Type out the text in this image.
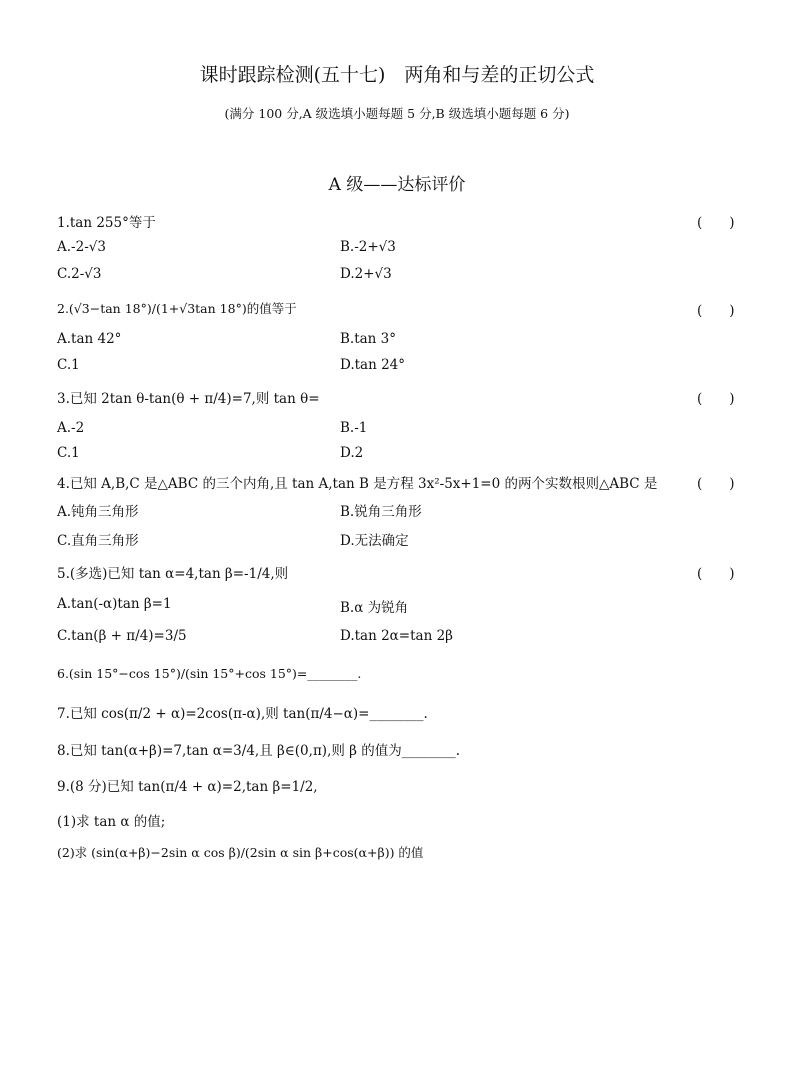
课时跟踪检测(五十七)　两角和与差的正切公式
(满分 100 分,A 级选填小题每题 5 分,B 级选填小题每题 6 分)
A 级——达标评价
1.tan 255°等于	(　　)
A.-2-√3	B.-2+√3
C.2-√3	D.2+√3
2.(√3−tan 18°)/(1+√3tan 18°)的值等于	(　　)
A.tan 42°	B.tan 3°
C.1	D.tan 24°
3.已知 2tan θ-tan(θ + π/4)=7,则 tan θ=	(　　)
A.-2	B.-1
C.1	D.2
4.已知 A,B,C 是△ABC 的三个内角,且 tan A,tan B 是方程 3x²-5x+1=0 的两个实数根则△ABC 是	(　　)
A.钝角三角形	B.锐角三角形
C.直角三角形	D.无法确定
5.(多选)已知 tan α=4,tan β=-1/4,则	(　　)
A.tan(-α)tan β=1	B.α 为锐角
C.tan(β + π/4)=3/5	D.tan 2α=tan 2β
6.(sin 15°−cos 15°)/(sin 15°+cos 15°)=________.
7.已知 cos(π/2 + α)=2cos(π-α),则 tan(π/4−α)=________.
8.已知 tan(α+β)=7,tan α=3/4,且 β∈(0,π),则 β 的值为________.
9.(8 分)已知 tan(π/4 + α)=2,tan β=1/2,
(1)求 tan α 的值;
(2)求 (sin(α+β)−2sin α cos β)/(2sin α sin β+cos(α+β)) 的值
